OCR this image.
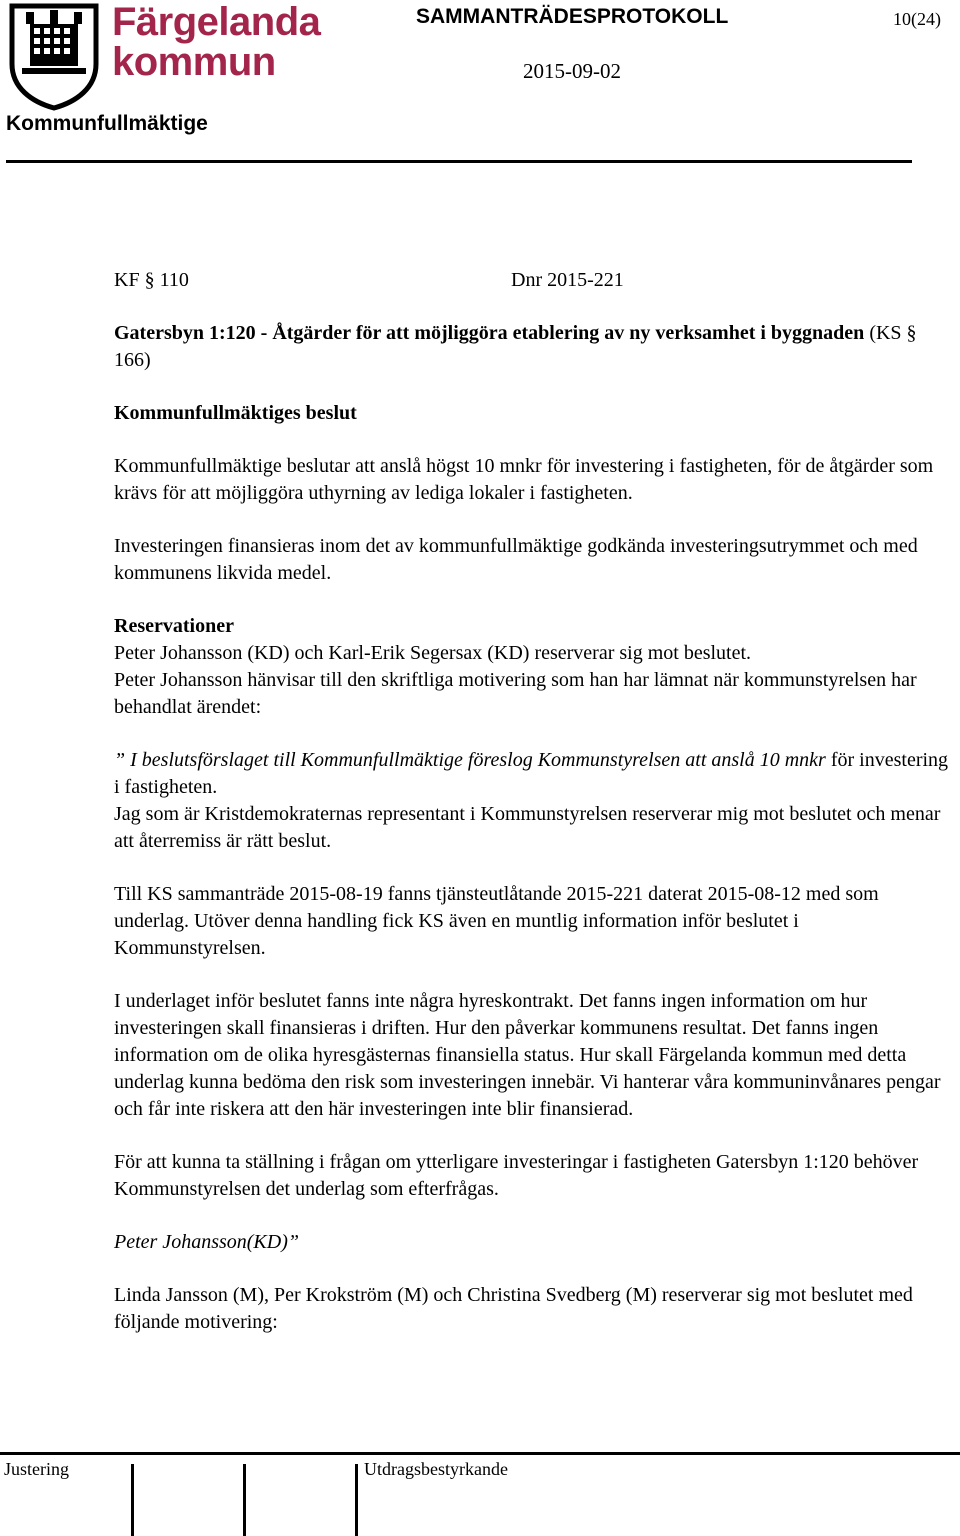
Färgelanda
kommun
Kommunfullmäktige
SAMMANTRÄDESPROTOKOLL	10(24)
2015-09-02
KF § 110	Dnr 2015-221

Gatersbyn 1:120 - Åtgärder för att möjliggöra etablering av ny verksamhet i byggnaden (KS § 166)

Kommunfullmäktiges beslut

Kommunfullmäktige beslutar att anslå högst 10 mnkr för investering i fastigheten, för de åtgärder som krävs för att möjliggöra uthyrning av lediga lokaler i fastigheten.

Investeringen finansieras inom det av kommunfullmäktige godkända investeringsutrymmet och med kommunens likvida medel.

Reservationer

Peter Johansson (KD) och Karl-Erik Segersax (KD) reserverar sig mot beslutet.

Peter Johansson hänvisar till den skriftliga motivering som han har lämnat när kommunstyrelsen har behandlat ärendet:

” I beslutsförslaget till Kommunfullmäktige föreslog Kommunstyrelsen att anslå 10 mnkr för investering i fastigheten.

Jag som är Kristdemokraternas representant i Kommunstyrelsen reserverar mig mot beslutet och menar att återremiss är rätt beslut.

Till KS sammanträde 2015-08-19 fanns tjänsteutlåtande 2015-221 daterat 2015-08-12 med som underlag. Utöver denna handling fick KS även en muntlig information inför beslutet i Kommunstyrelsen.

I underlaget inför beslutet fanns inte några hyreskontrakt. Det fanns ingen information om hur investeringen skall finansieras i driften. Hur den påverkar kommunens resultat. Det fanns ingen information om de olika hyresgästernas finansiella status. Hur skall Färgelanda kommun med detta underlag kunna bedöma den risk som investeringen innebär. Vi hanterar våra kommuninvånares pengar och får inte riskera att den här investeringen inte blir finansierad.

För att kunna ta ställning i frågan om ytterligare investeringar i fastigheten Gatersbyn 1:120 behöver Kommunstyrelsen det underlag som efterfrågas.

Peter Johansson(KD)”

Linda Jansson (M), Per Krokström (M) och Christina Svedberg (M) reserverar sig mot beslutet med följande motivering:

Justering	Utdragsbestyrkande
